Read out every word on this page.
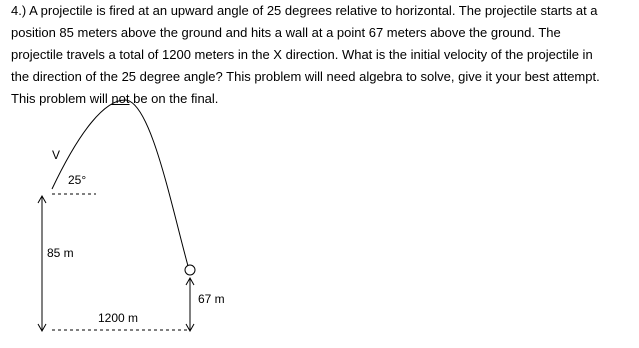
4.) A projectile is fired at an upward angle of 25 degrees relative to horizontal. The projectile starts at a
position 85 meters above the ground and hits a wall at a point 67 meters above the ground. The
projectile travels a total of 1200 meters in the X direction. What is the initial velocity of the projectile in
the direction of the 25 degree angle? This problem will need algebra to solve, give it your best attempt.
This problem will not be on the final.
V
25°
85 m
67 m
1200 m
